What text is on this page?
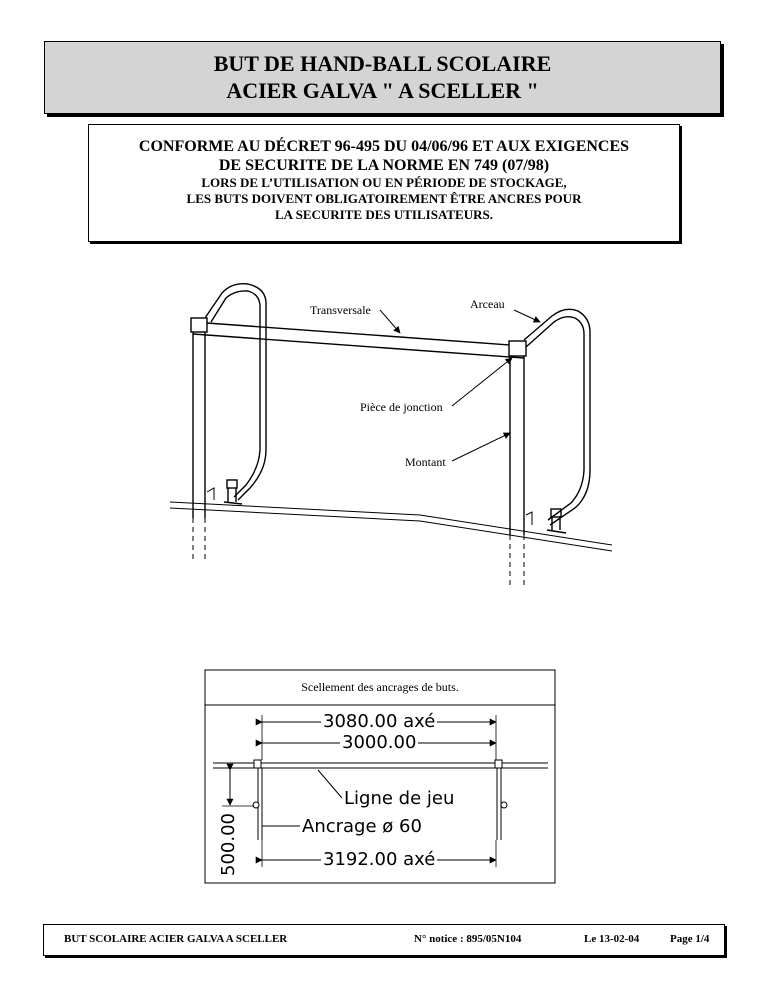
BUT DE HAND-BALL SCOLAIRE
ACIER GALVA " A SCELLER "
CONFORME AU DÉCRET 96-495 DU 04/06/96 ET AUX EXIGENCES
DE SECURITE DE LA NORME EN 749 (07/98)
LORS DE L’UTILISATION OU EN PÉRIODE DE STOCKAGE,
LES BUTS DOIVENT OBLIGATOIREMENT ÊTRE ANCRES POUR
LA SECURITE DES UTILISATEURS.
Transversale	Arceau
Pièce de jonction
Montant
Scellement des ancrages de buts.
3080.00 axé
3000.00
Ligne de jeu
Ancrage ø 60
3192.00 axé
500.00
BUT SCOLAIRE ACIER GALVA A SCELLER	N° notice : 895/05N104	Le 13-02-04	Page 1/4
